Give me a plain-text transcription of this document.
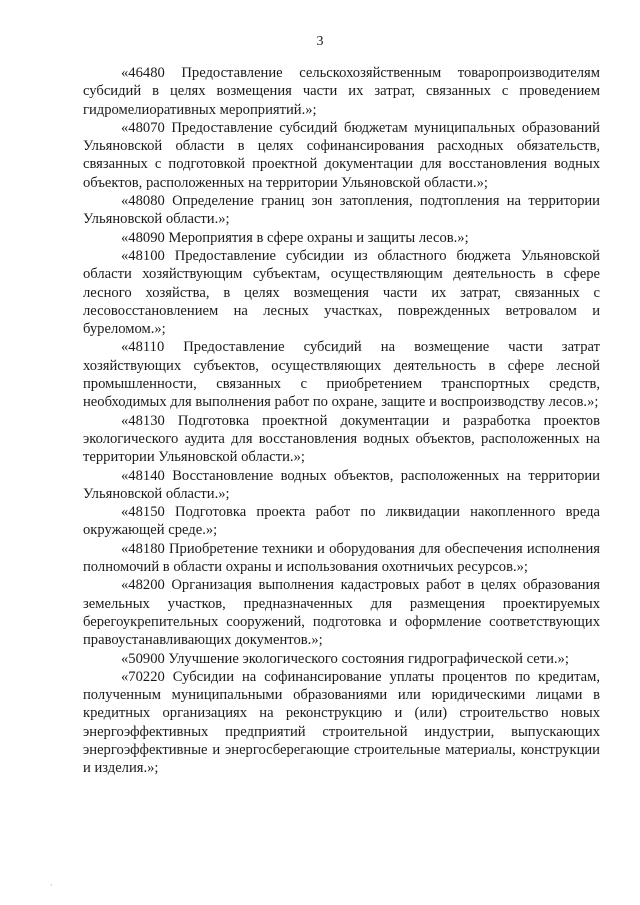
3

«46480 Предоставление сельскохозяйственным товаропроизводителям субсидий в целях возмещения части их затрат, связанных с проведением гидромелиоративных мероприятий.»;

«48070 Предоставление субсидий бюджетам муниципальных образований Ульяновской области в целях софинансирования расходных обязательств, связанных с подготовкой проектной документации для восстановления водных объектов, расположенных на территории Ульяновской области.»;

«48080 Определение границ зон затопления, подтопления на территории Ульяновской области.»;

«48090 Мероприятия в сфере охраны и защиты лесов.»;

«48100 Предоставление субсидии из областного бюджета Ульяновской области хозяйствующим субъектам, осуществляющим деятельность в сфере лесного хозяйства, в целях возмещения части их затрат, связанных с лесовосстановлением на лесных участках, поврежденных ветровалом и буреломом.»;

«48110 Предоставление субсидий на возмещение части затрат хозяйствующих субъектов, осуществляющих деятельность в сфере лесной промышленности, связанных с приобретением транспортных средств, необходимых для выполнения работ по охране, защите и воспроизводству лесов.»;

«48130 Подготовка проектной документации и разработка проектов экологического аудита для восстановления водных объектов, расположенных на территории Ульяновской области.»;

«48140 Восстановление водных объектов, расположенных на территории Ульяновской области.»;

«48150 Подготовка проекта работ по ликвидации накопленного вреда окружающей среде.»;

«48180 Приобретение техники и оборудования для обеспечения исполнения полномочий в области охраны и использования охотничьих ресурсов.»;

«48200 Организация выполнения кадастровых работ в целях образования земельных участков, предназначенных для размещения проектируемых берегоукрепительных сооружений, подготовка и оформление соответствующих правоустанавливающих документов.»;

«50900 Улучшение экологического состояния гидрографической сети.»;

«70220 Субсидии на софинансирование уплаты процентов по кредитам, полученным муниципальными образованиями или юридическими лицами в кредитных организациях на реконструкцию и (или) строительство новых энергоэффективных предприятий строительной индустрии, выпускающих энергоэффективные и энергосберегающие строительные материалы, конструкции и изделия.»;

·
